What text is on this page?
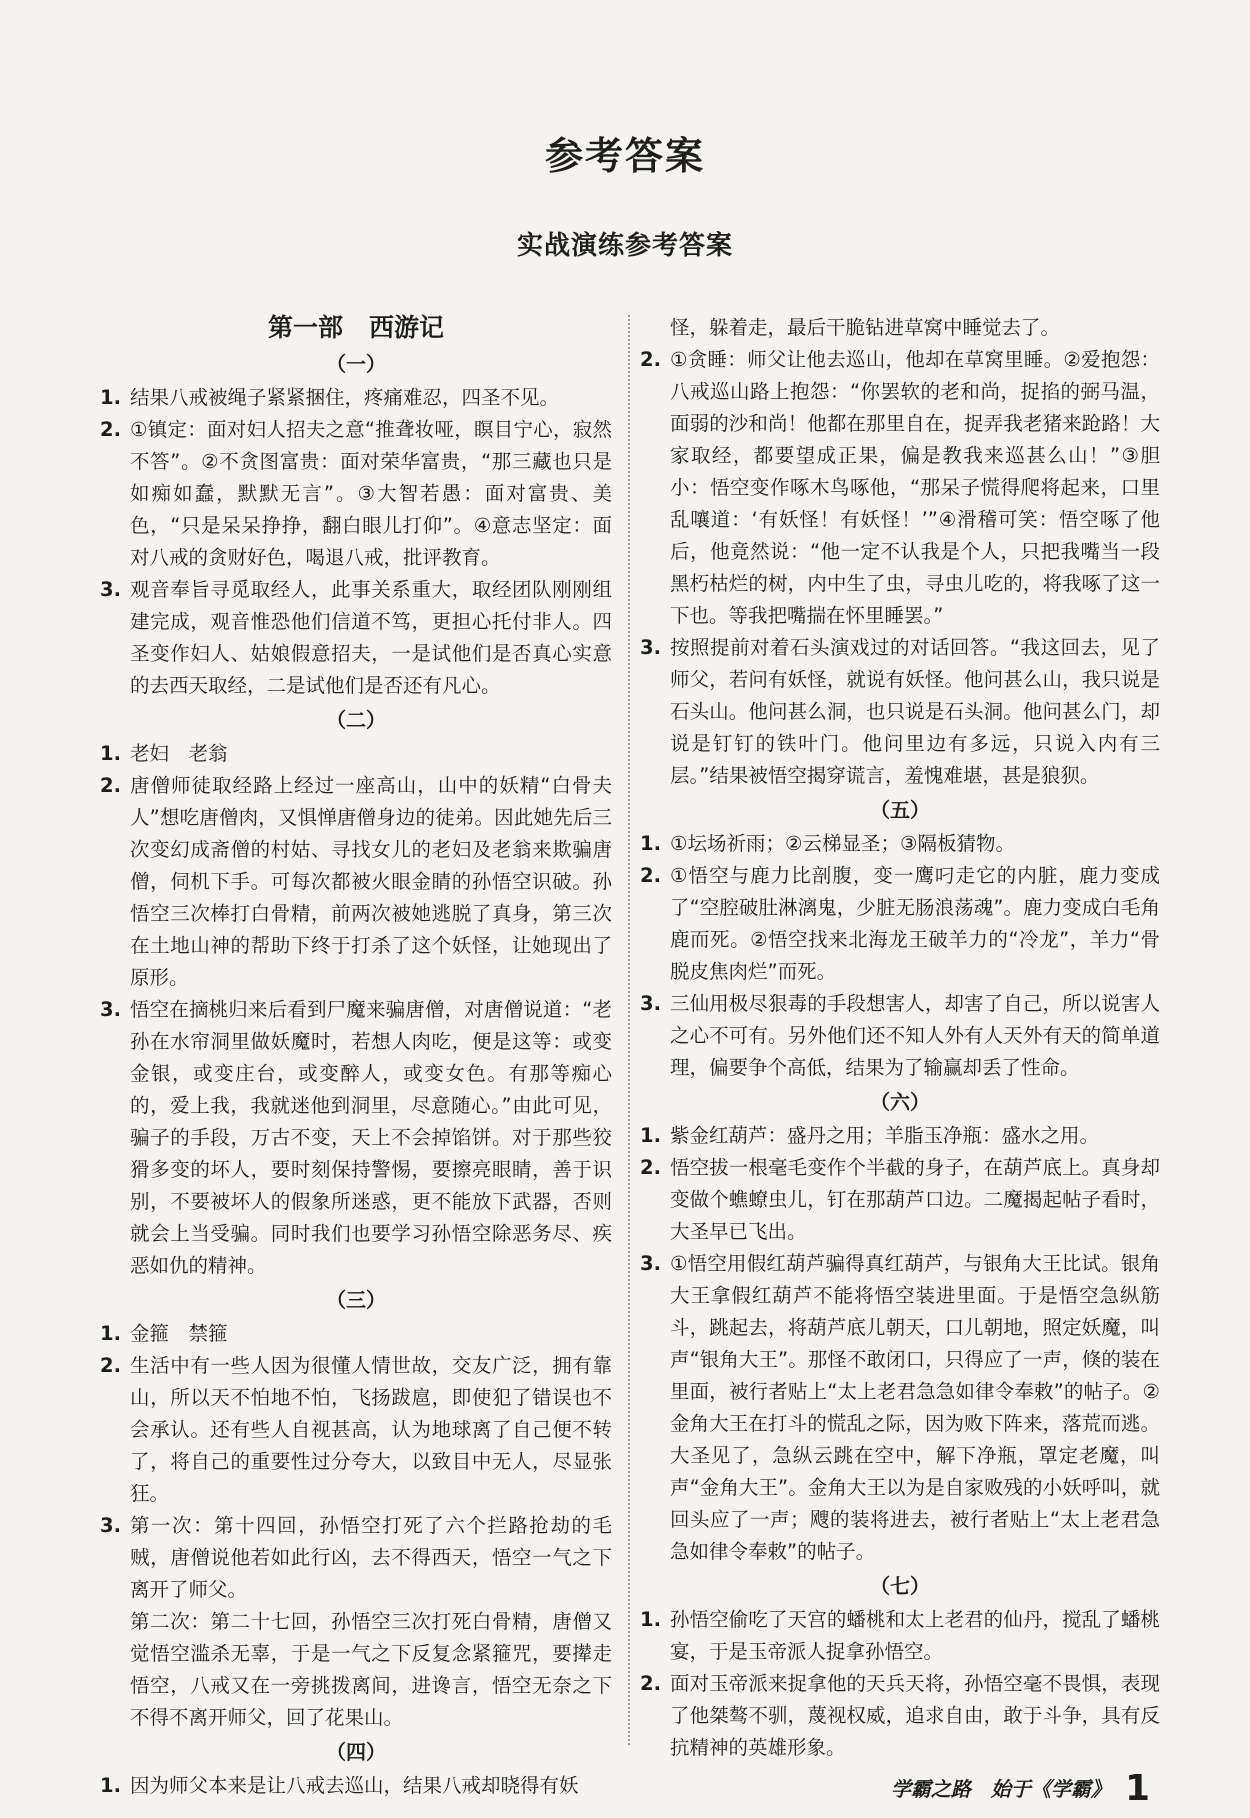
参考答案
实战演练参考答案
第一部 西游记
（一）
1. 结果八戒被绳子紧紧捆住，疼痛难忍，四圣不见。
2. ①镇定：面对妇人招夫之意“推聋妆哑，瞑目宁心，寂然不答”。②不贪图富贵：面对荣华富贵，“那三藏也只是如痴如蠢，默默无言”。③大智若愚：面对富贵、美色，“只是呆呆挣挣，翻白眼儿打仰”。④意志坚定：面对八戒的贪财好色，喝退八戒，批评教育。
3. 观音奉旨寻觅取经人，此事关系重大，取经团队刚刚组建完成，观音惟恐他们信道不笃，更担心托付非人。四圣变作妇人、姑娘假意招夫，一是试他们是否真心实意的去西天取经，二是试他们是否还有凡心。
（二）
1. 老妇　老翁
2. 唐僧师徒取经路上经过一座高山，山中的妖精“白骨夫人”想吃唐僧肉，又惧惮唐僧身边的徒弟。因此她先后三次变幻成斋僧的村姑、寻找女儿的老妇及老翁来欺骗唐僧，伺机下手。可每次都被火眼金睛的孙悟空识破。孙悟空三次棒打白骨精，前两次被她逃脱了真身，第三次在土地山神的帮助下终于打杀了这个妖怪，让她现出了原形。
3. 悟空在摘桃归来后看到尸魔来骗唐僧，对唐僧说道：“老孙在水帘洞里做妖魔时，若想人肉吃，便是这等：或变金银，或变庄台，或变醉人，或变女色。有那等痴心的，爱上我，我就迷他到洞里，尽意随心。”由此可见，骗子的手段，万古不变，天上不会掉馅饼。对于那些狡猾多变的坏人，要时刻保持警惕，要擦亮眼睛，善于识别，不要被坏人的假象所迷惑，更不能放下武器，否则就会上当受骗。同时我们也要学习孙悟空除恶务尽、疾恶如仇的精神。
（三）
1. 金箍　禁箍
2. 生活中有一些人因为很懂人情世故，交友广泛，拥有靠山，所以天不怕地不怕，飞扬跋扈，即使犯了错误也不会承认。还有些人自视甚高，认为地球离了自己便不转了，将自己的重要性过分夸大，以致目中无人，尽显张狂。
3. 第一次：第十四回，孙悟空打死了六个拦路抢劫的毛贼，唐僧说他若如此行凶，去不得西天，悟空一气之下离开了师父。
第二次：第二十七回，孙悟空三次打死白骨精，唐僧又觉悟空滥杀无辜，于是一气之下反复念紧箍咒，要撵走悟空，八戒又在一旁挑拨离间，进谗言，悟空无奈之下不得不离开师父，回了花果山。
（四）
1. 因为师父本来是让八戒去巡山，结果八戒却晓得有妖
怪，躲着走，最后干脆钻进草窝中睡觉去了。
2. ①贪睡：师父让他去巡山，他却在草窝里睡。②爱抱怨：八戒巡山路上抱怨：“你罢软的老和尚，捉掐的弼马温，面弱的沙和尚！他都在那里自在，捉弄我老猪来跄路！大家取经，都要望成正果，偏是教我来巡甚么山！”③胆小：悟空变作啄木鸟啄他，“那呆子慌得爬将起来，口里乱嚷道：‘有妖怪！有妖怪！’”④滑稽可笑：悟空啄了他后，他竟然说：“他一定不认我是个人，只把我嘴当一段黑朽枯烂的树，内中生了虫，寻虫儿吃的，将我啄了这一下也。等我把嘴揣在怀里睡罢。”
3. 按照提前对着石头演戏过的对话回答。“我这回去，见了师父，若问有妖怪，就说有妖怪。他问甚么山，我只说是石头山。他问甚么洞，也只说是石头洞。他问甚么门，却说是钉钉的铁叶门。他问里边有多远，只说入内有三层。”结果被悟空揭穿谎言，羞愧难堪，甚是狼狈。
（五）
1. ①坛场祈雨；②云梯显圣；③隔板猜物。
2. ①悟空与鹿力比剖腹，变一鹰叼走它的内脏，鹿力变成了“空腔破肚淋漓鬼，少脏无肠浪荡魂”。鹿力变成白毛角鹿而死。②悟空找来北海龙王破羊力的“冷龙”，羊力“骨脱皮焦肉烂”而死。
3. 三仙用极尽狠毒的手段想害人，却害了自己，所以说害人之心不可有。另外他们还不知人外有人天外有天的简单道理，偏要争个高低，结果为了输赢却丢了性命。
（六）
1. 紫金红葫芦：盛丹之用；羊脂玉净瓶：盛水之用。
2. 悟空拔一根毫毛变作个半截的身子，在葫芦底上。真身却变做个蟭蟟虫儿，钉在那葫芦口边。二魔揭起帖子看时，大圣早已飞出。
3. ①悟空用假红葫芦骗得真红葫芦，与银角大王比试。银角大王拿假红葫芦不能将悟空装进里面。于是悟空急纵筋斗，跳起去，将葫芦底儿朝天，口儿朝地，照定妖魔，叫声“银角大王”。那怪不敢闭口，只得应了一声，倏的装在里面，被行者贴上“太上老君急急如律令奉敕”的帖子。②金角大王在打斗的慌乱之际，因为败下阵来，落荒而逃。大圣见了，急纵云跳在空中，解下净瓶，罩定老魔，叫声“金角大王”。金角大王以为是自家败残的小妖呼叫，就回头应了一声；飕的装将进去，被行者贴上“太上老君急急如律令奉敕”的帖子。
（七）
1. 孙悟空偷吃了天宫的蟠桃和太上老君的仙丹，搅乱了蟠桃宴，于是玉帝派人捉拿孙悟空。
2. 面对玉帝派来捉拿他的天兵天将，孙悟空毫不畏惧，表现了他桀骜不驯，蔑视权威，追求自由，敢于斗争，具有反抗精神的英雄形象。
学霸之路　始于《学霸》 1
